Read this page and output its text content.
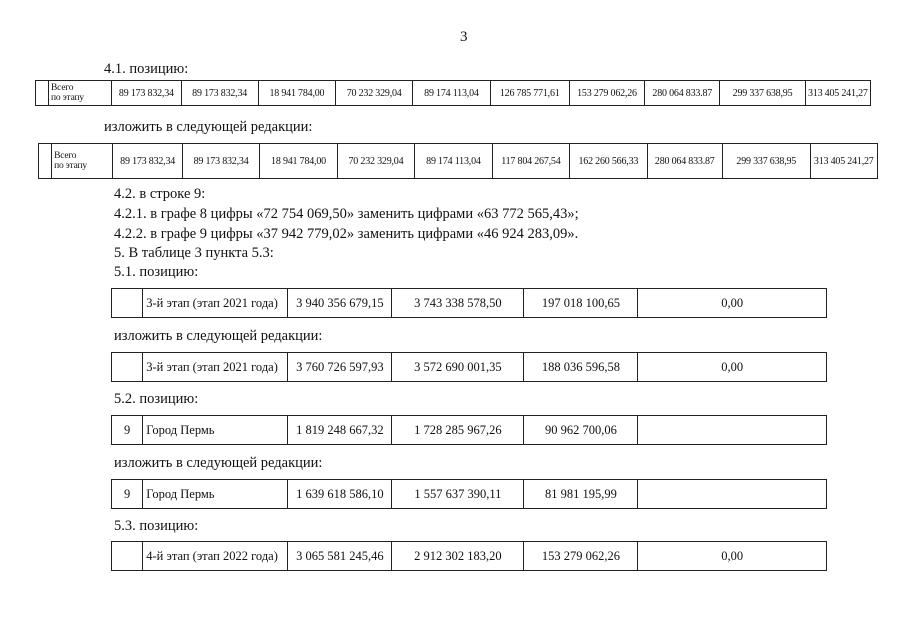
3
4.1. позицию:
	Всего
по этапу	89 173 832,34	89 173 832,34	18 941 784,00	70 232 329,04	89 174 113,04	126 785 771,61	153 279 062,26	280 064 833.87	299 337 638,95	313 405 241,27
изложить в следующей редакции:
	Всего
по этапу	89 173 832,34	89 173 832,34	18 941 784,00	70 232 329,04	89 174 113,04	117 804 267,54	162 260 566,33	280 064 833.87	299 337 638,95	313 405 241,27
4.2. в строке 9:
4.2.1. в графе 8 цифры «72 754 069,50» заменить цифрами «63 772 565,43»;
4.2.2. в графе 9 цифры «37 942 779,02» заменить цифрами «46 924 283,09».
5. В таблице 3 пункта 5.3:
5.1. позицию:
	3-й этап (этап 2021 года)	3 940 356 679,15	3 743 338 578,50	197 018 100,65	0,00
изложить в следующей редакции:
	3-й этап (этап 2021 года)	3 760 726 597,93	3 572 690 001,35	188 036 596,58	0,00
5.2. позицию:
9	Город Пермь	1 819 248 667,32	1 728 285 967,26	90 962 700,06	
изложить в следующей редакции:
9	Город Пермь	1 639 618 586,10	1 557 637 390,11	81 981 195,99	
5.3. позицию:
	4-й этап (этап 2022 года)	3 065 581 245,46	2 912 302 183,20	153 279 062,26	0,00
